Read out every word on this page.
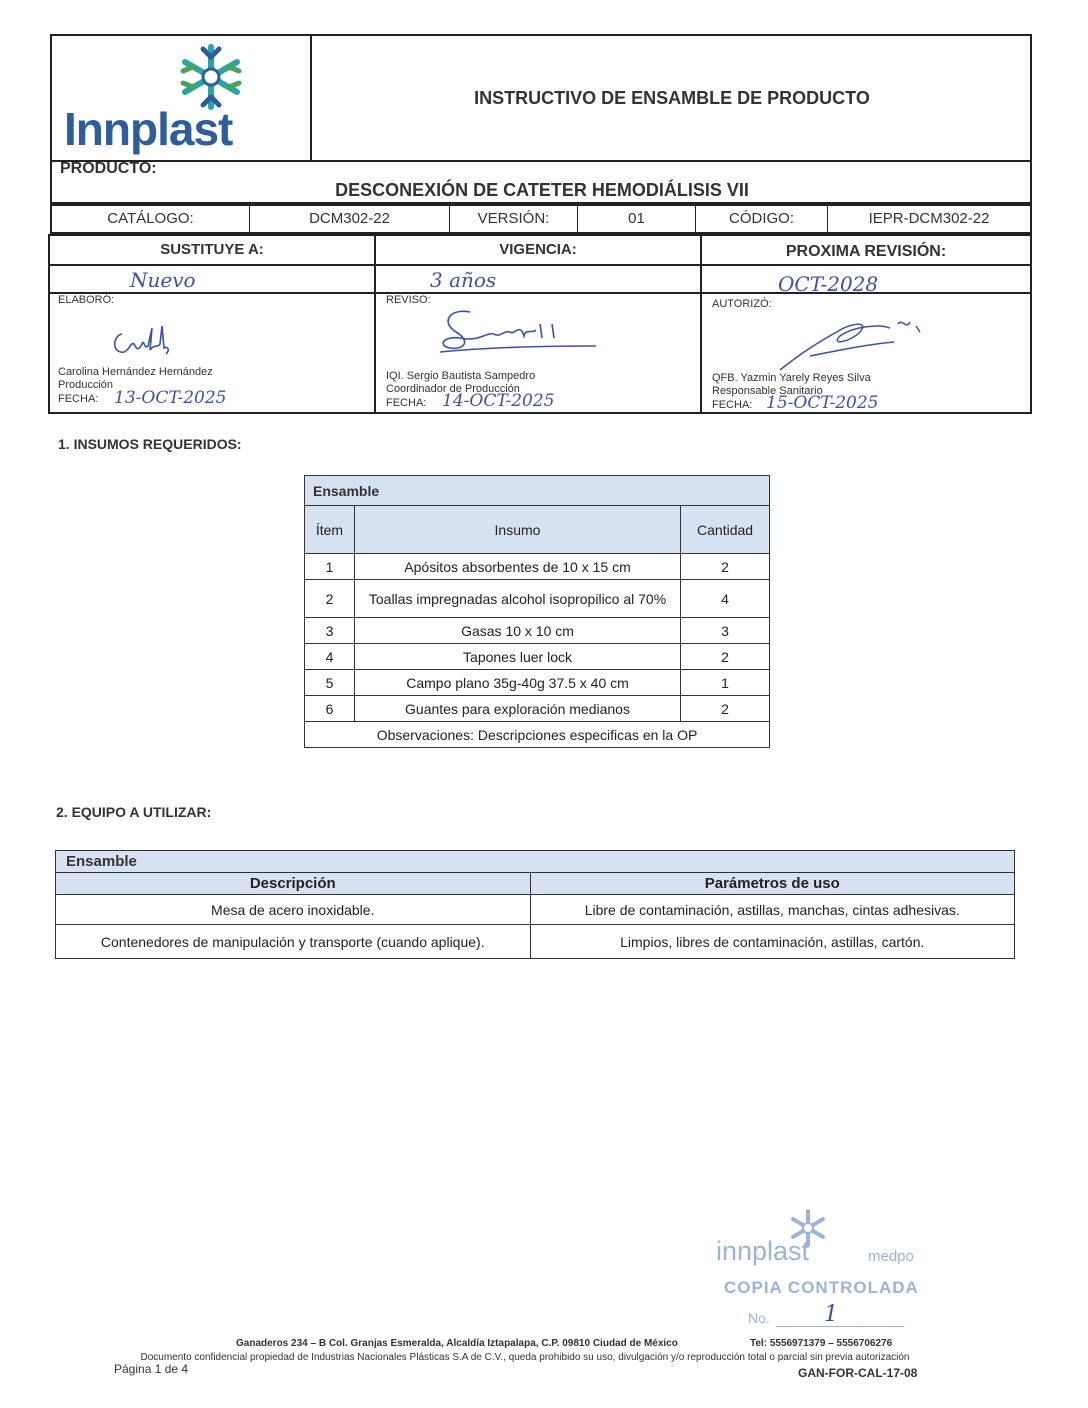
Innplast
INSTRUCTIVO DE ENSAMBLE DE PRODUCTO
PRODUCTO:
DESCONEXIÓN DE CATETER HEMODIÁLISIS VII
CATÁLOGO:	DCM302-22	VERSIÓN:	01	CÓDIGO:	IEPR-DCM302-22
SUSTITUYE A:	VIGENCIA:	PROXIMA REVISIÓN:
Nuevo	3 años	OCT-2028
ELABORÓ:
Carolina Hernández Hernández
Producción
FECHA: 13-OCT-2025
REVISÓ:
IQI. Sergio Bautista Sampedro
Coordinador de Producción
FECHA: 14-OCT-2025
AUTORIZÓ:
QFB. Yazmin Yarely Reyes Silva
Responsable Sanitario
FECHA: 15-OCT-2025
1. INSUMOS REQUERIDOS:
Ensamble		
Ítem	Insumo	Cantidad
1	Apósitos absorbentes de 10 x 15 cm	2
2	Toallas impregnadas alcohol isopropilico al 70%	4
3	Gasas 10 x 10 cm	3
4	Tapones luer lock	2
5	Campo plano 35g-40g 37.5 x 40 cm	1
6	Guantes para exploración medianos	2
Observaciones: Descripciones especificas en la OP		
2. EQUIPO A UTILIZAR:
Ensamble	
Descripción	Parámetros de uso
Mesa de acero inoxidable.	Libre de contaminación, astillas, manchas, cintas adhesivas.
Contenedores de manipulación y transporte (cuando aplique).	Limpios, libres de contaminación, astillas, cartón.
innplast	medpo
COPIA CONTROLADA
No. 1
Ganaderos 234 – B Col. Granjas Esmeralda, Alcaldía Iztapalapa, C.P. 09810 Ciudad de México	Tel: 5556971379 – 5556706276
Documento confidencial propiedad de Industrias Nacionales Plásticas S.A de C.V., queda prohibido su uso, divulgación y/o reproducción total o parcial sin previa autorización
Página 1 de 4	GAN-FOR-CAL-17-08
